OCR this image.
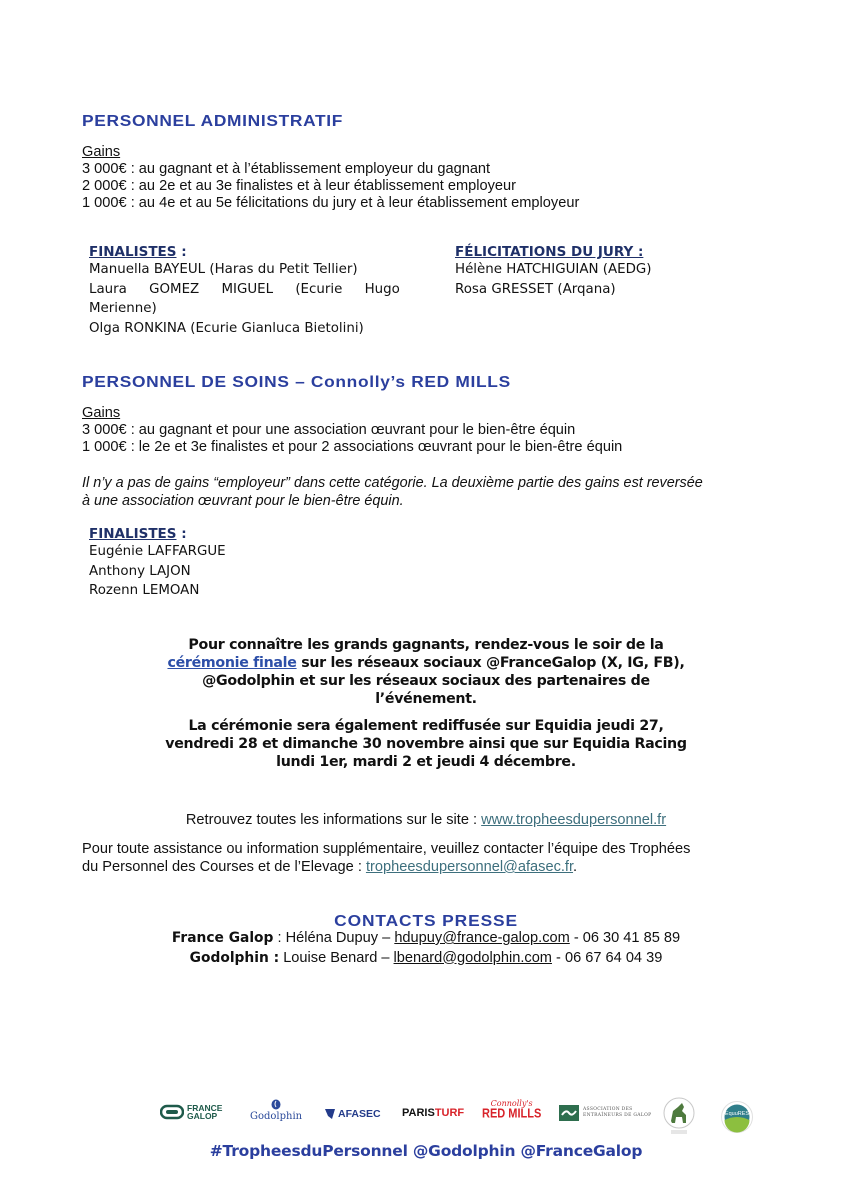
PERSONNEL ADMINISTRATIF
Gains
3 000€ : au gagnant et à l’établissement employeur du gagnant
2 000€ : au 2e et au 3e finalistes et à leur établissement employeur
1 000€ : au 4e et au 5e félicitations du jury et à leur établissement employeur
FINALISTES :
Manuella BAYEUL (Haras du Petit Tellier)
Laura GOMEZ MIGUEL (Ecurie Hugo
Merienne)
Olga RONKINA (Ecurie Gianluca Bietolini)
FÉLICITATIONS DU JURY :
Hélène HATCHIGUIAN (AEDG)
Rosa GRESSET (Arqana)
PERSONNEL DE SOINS – Connolly’s RED MILLS
Gains
3 000€ : au gagnant et pour une association œuvrant pour le bien-être équin
1 000€ : le 2e et 3e finalistes et pour 2 associations œuvrant pour le bien-être équin
Il n’y a pas de gains “employeur” dans cette catégorie. La deuxième partie des gains est reversée
à une association œuvrant pour le bien-être équin.
FINALISTES :
Eugénie LAFFARGUE
Anthony LAJON
Rozenn LEMOAN
Pour connaître les grands gagnants, rendez-vous le soir de la
cérémonie finale sur les réseaux sociaux @FranceGalop (X, IG, FB),
@Godolphin et sur les réseaux sociaux des partenaires de
l’événement.
La cérémonie sera également rediffusée sur Equidia jeudi 27,
vendredi 28 et dimanche 30 novembre ainsi que sur Equidia Racing
lundi 1er, mardi 2 et jeudi 4 décembre.
Retrouvez toutes les informations sur le site : www.tropheesdupersonnel.fr
Pour toute assistance ou information supplémentaire, veuillez contacter l’équipe des Trophées
du Personnel des Courses et de l’Elevage : tropheesdupersonnel@afasec.fr.
CONTACTS PRESSE
France Galop : Héléna Dupuy – hdupuy@france-galop.com - 06 30 41 85 89
Godolphin : Louise Benard – lbenard@godolphin.com - 06 67 64 04 39
FRANCE
GALOP	Godolphin	AFASEC PARIS TURF
Connolly's
RED MILLS	ASSOCIATION DES
ENTRAÎNEURS DE GALOP	EquuRES
#TropheesduPersonnel @Godolphin @FranceGalop
